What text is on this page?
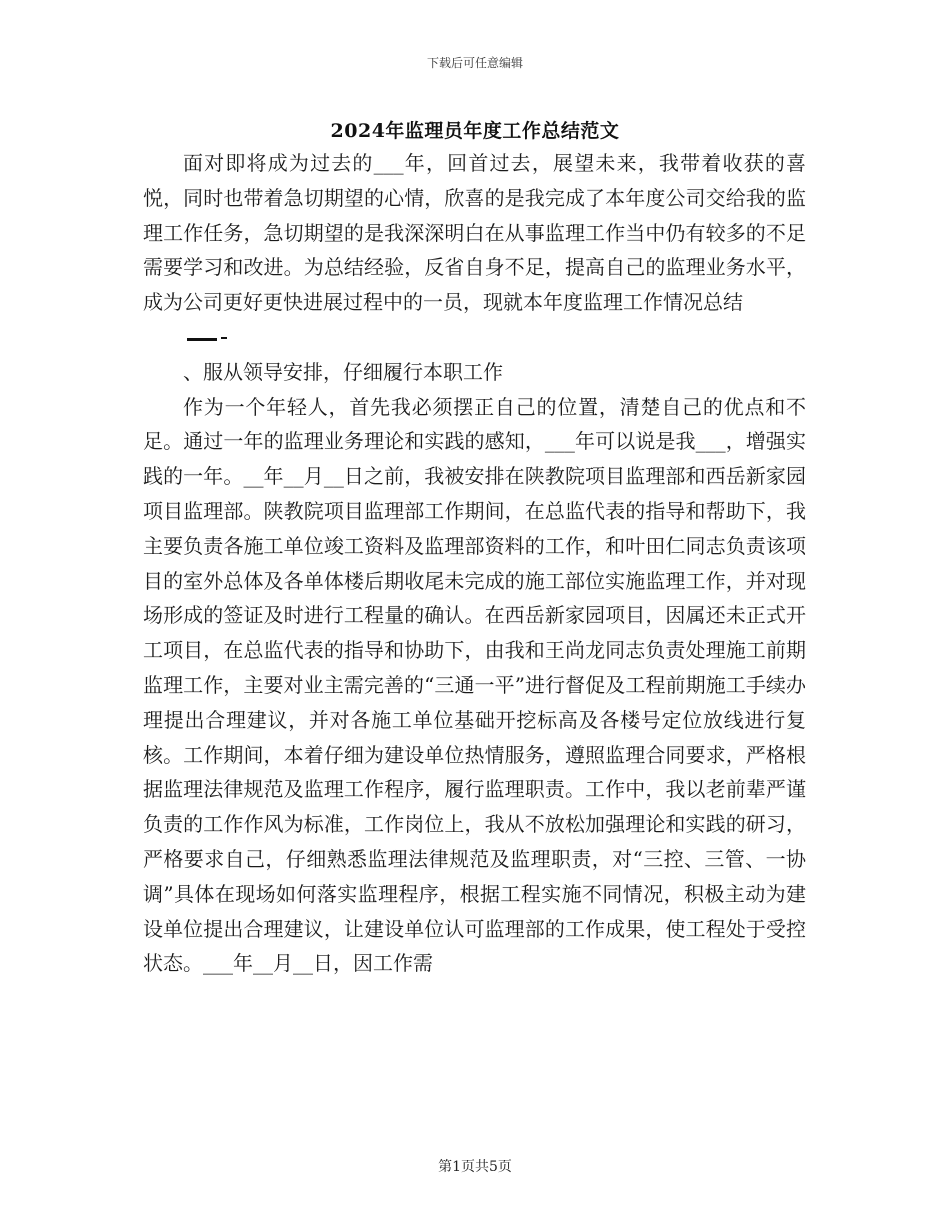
下载后可任意编辑
2024年监理员年度工作总结范文

面对即将成为过去的___年，回首过去，展望未来，我带着收获的喜悦，同时也带着急切期望的心情，欣喜的是我完成了本年度公司交给我的监理工作任务，急切期望的是我深深明白在从事监理工作当中仍有较多的不足需要学习和改进。为总结经验，反省自身不足，提高自己的监理业务水平，成为公司更好更快进展过程中的一员，现就本年度监理工作情况总结

、服从领导安排，仔细履行本职工作

作为一个年轻人，首先我必须摆正自己的位置，清楚自己的优点和不足。通过一年的监理业务理论和实践的感知，___年可以说是我___，增强实践的一年。__年__月__日之前，我被安排在陕教院项目监理部和西岳新家园项目监理部。陕教院项目监理部工作期间，在总监代表的指导和帮助下，我主要负责各施工单位竣工资料及监理部资料的工作，和叶田仁同志负责该项目的室外总体及各单体楼后期收尾未完成的施工部位实施监理工作，并对现场形成的签证及时进行工程量的确认。在西岳新家园项目，因属还未正式开工项目，在总监代表的指导和协助下，由我和王尚龙同志负责处理施工前期监理工作，主要对业主需完善的“三通一平”进行督促及工程前期施工手续办理提出合理建议，并对各施工单位基础开挖标高及各楼号定位放线进行复核。工作期间，本着仔细为建设单位热情服务，遵照监理合同要求，严格根据监理法律规范及监理工作程序，履行监理职责。工作中，我以老前辈严谨负责的工作作风为标准，工作岗位上，我从不放松加强理论和实践的研习，严格要求自己，仔细熟悉监理法律规范及监理职责，对“三控、三管、一协调”具体在现场如何落实监理程序，根据工程实施不同情况，积极主动为建设单位提出合理建议，让建设单位认可监理部的工作成果，使工程处于受控状态。___年__月__日，因工作需

第1页共5页
